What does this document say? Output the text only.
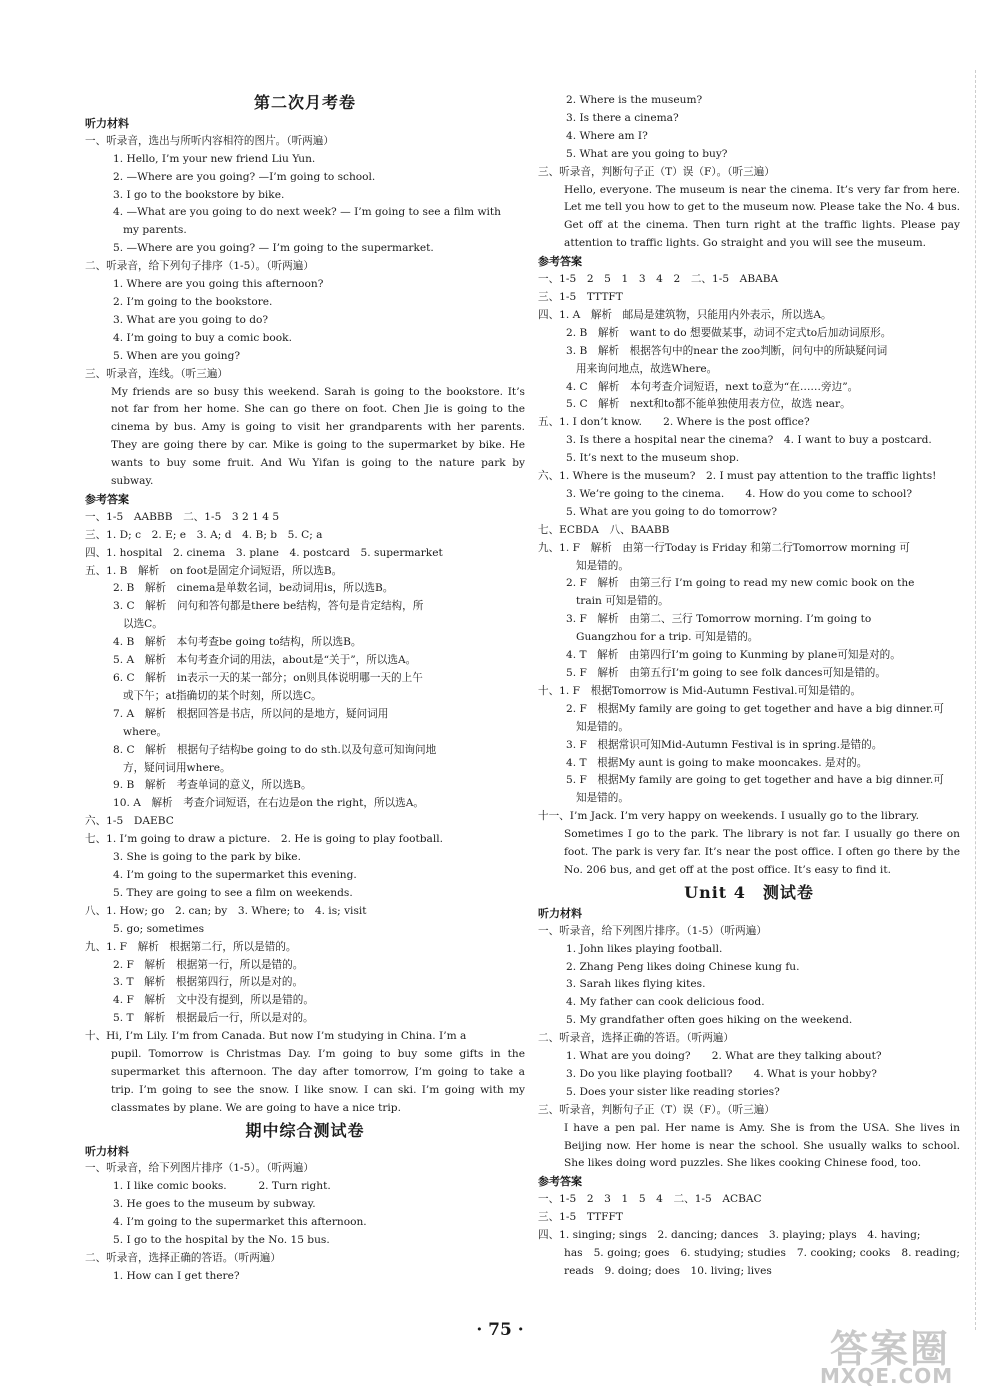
第二次月考卷
听力材料
一、听录音，选出与所听内容相符的图片。（听两遍）
1. Hello, I’m your new friend Liu Yun.
2. —Where are you going? —I’m going to school.
3. I go to the bookstore by bike.
4. —What are you going to do next week? — I’m going to see a film with
my parents.
5. —Where are you going? — I’m going to the supermarket.
二、听录音，给下列句子排序（1-5）。（听两遍）
1. Where are you going this afternoon?
2. I’m going to the bookstore.
3. What are you going to do?
4. I’m going to buy a comic book.
5. When are you going?
三、听录音，连线。（听三遍）
My friends are so busy this weekend. Sarah is going to the bookstore. It’s not far from her home. She can go there on foot. Chen Jie is going to the cinema by bus. Amy is going to visit her grandparents with her parents. They are going there by car. Mike is going to the supermarket by bike. He wants to buy some fruit. And Wu Yifan is going to the nature park by subway.
参考答案
一、1-5　AABBB　二、1-5　3 2 1 4 5
三、1. D; c　2. E; e　3. A; d　4. B; b　5. C; a
四、1. hospital　2. cinema　3. plane　4. postcard　5. supermarket
五、1. B　解析　on foot是固定介词短语，所以选B。
2. B　解析　cinema是单数名词，be动词用is，所以选B。
3. C　解析　问句和答句都是there be结构，答句是肯定结构，所
以选C。
4. B　解析　本句考查be going to结构，所以选B。
5. A　解析　本句考查介词的用法，about是“关于”，所以选A。
6. C　解析　in表示一天的某一部分；on则具体说明哪一天的上午
或下午；at指确切的某个时刻，所以选C。
7. A　解析　根据回答是书店，所以问的是地方，疑问词用
where。
8. C　解析　根据句子结构be going to do sth.以及句意可知询问地
方，疑问词用where。
9. B　解析　考查单词的意义，所以选B。
10. A　解析　考查介词短语，在右边是on the right，所以选A。
六、1-5　DAEBC
七、1. I’m going to draw a picture.　2. He is going to play football.
3. She is going to the park by bike.
4. I’m going to the supermarket this evening.
5. They are going to see a film on weekends.
八、1. How; go　2. can; by　3. Where; to　4. is; visit
5. go; sometimes
九、1. F　解析　根据第二行，所以是错的。
2. F　解析　根据第一行，所以是错的。
3. T　解析　根据第四行，所以是对的。
4. F　解析　文中没有提到，所以是错的。
5. T　解析　根据最后一行，所以是对的。
十、Hi, I’m Lily. I’m from Canada. But now I’m studying in China. I’m a
pupil. Tomorrow is Christmas Day. I’m going to buy some gifts in the supermarket this afternoon. The day after tomorrow, I’m going to take a trip. I’m going to see the snow. I like snow. I can ski. I’m going with my classmates by plane. We are going to have a nice trip.
期中综合测试卷
听力材料
一、听录音，给下列图片排序（1-5）。（听两遍）
1. I like comic books.　　　2. Turn right.
3. He goes to the museum by subway.
4. I’m going to the supermarket this afternoon.
5. I go to the hospital by the No. 15 bus.
二、听录音，选择正确的答语。（听两遍）
1. How can I get there?
2. Where is the museum?
3. Is there a cinema?
4. Where am I?
5. What are you going to buy?
三、听录音，判断句子正（T）误（F）。（听三遍）
Hello, everyone. The museum is near the cinema. It’s very far from here. Let me tell you how to get to the museum now. Please take the No. 4 bus. Get off at the cinema. Then turn right at the traffic lights. Please pay attention to traffic lights. Go straight and you will see the museum.
参考答案
一、1-5　2　5　1　3　4　2　二、1-5　ABABA
三、1-5　TTTFT
四、1. A　解析　邮局是建筑物，只能用内外表示，所以选A。
2. B　解析　want to do 想要做某事，动词不定式to后加动词原形。
3. B　解析　根据答句中的near the zoo判断，问句中的所缺疑问词
用来询问地点，故选Where。
4. C　解析　本句考查介词短语，next to意为“在……旁边”。
5. C　解析　next和to都不能单独使用表方位，故选 near。
五、1. I don’t know.　　2. Where is the post office?
3. Is there a hospital near the cinema?　4. I want to buy a postcard.
5. It’s next to the museum shop.
六、1. Where is the museum?　2. I must pay attention to the traffic lights!
3. We’re going to the cinema.　　4. How do you come to school?
5. What are you going to do tomorrow?
七、ECBDA　八、BAABB
九、1. F　解析　由第一行Today is Friday 和第二行Tomorrow morning 可
知是错的。
2. F　解析　由第三行 I’m going to read my new comic book on the
train 可知是错的。
3. F　解析　由第二、三行 Tomorrow morning. I’m going to
Guangzhou for a trip. 可知是错的。
4. T　解析　由第四行I’m going to Kunming by plane可知是对的。
5. F　解析　由第五行I’m going to see folk dances可知是错的。
十、1. F　根据Tomorrow is Mid-Autumn Festival.可知是错的。
2. F　根据My family are going to get together and have a big dinner.可
知是错的。
3. F　根据常识可知Mid-Autumn Festival is in spring.是错的。
4. T　根据My aunt is going to make mooncakes. 是对的。
5. F　根据My family are going to get together and have a big dinner.可
知是错的。
十一、I’m Jack. I’m very happy on weekends. I usually go to the library.
Sometimes I go to the park. The library is not far. I usually go there on foot. The park is very far. It’s near the post office. I often go there by the No. 206 bus, and get off at the post office. It’s easy to find it.
Unit 4　测试卷
听力材料
一、听录音，给下列图片排序。（1-5）（听两遍）
1. John likes playing football.
2. Zhang Peng likes doing Chinese kung fu.
3. Sarah likes flying kites.
4. My father can cook delicious food.
5. My grandfather often goes hiking on the weekend.
二、听录音，选择正确的答语。（听两遍）
1. What are you doing?　　2. What are they talking about?
3. Do you like playing football?　　4. What is your hobby?
5. Does your sister like reading stories?
三、听录音，判断句子正（T）误（F）。（听三遍）
I have a pen pal. Her name is Amy. She is from the USA. She lives in Beijing now. Her home is near the school. She usually walks to school. She likes doing word puzzles. She likes cooking Chinese food, too.
参考答案
一、1-5　2　3　1　5　4　二、1-5　ACBAC
三、1-5　TTFFT
四、1. singing; sings　2. dancing; dances　3. playing; plays　4. having;
has　5. going; goes　6. studying; studies　7. cooking; cooks　8. reading; reads　9. doing; does　10. living; lives
· 75 ·	答案圈
MXQE.COM
